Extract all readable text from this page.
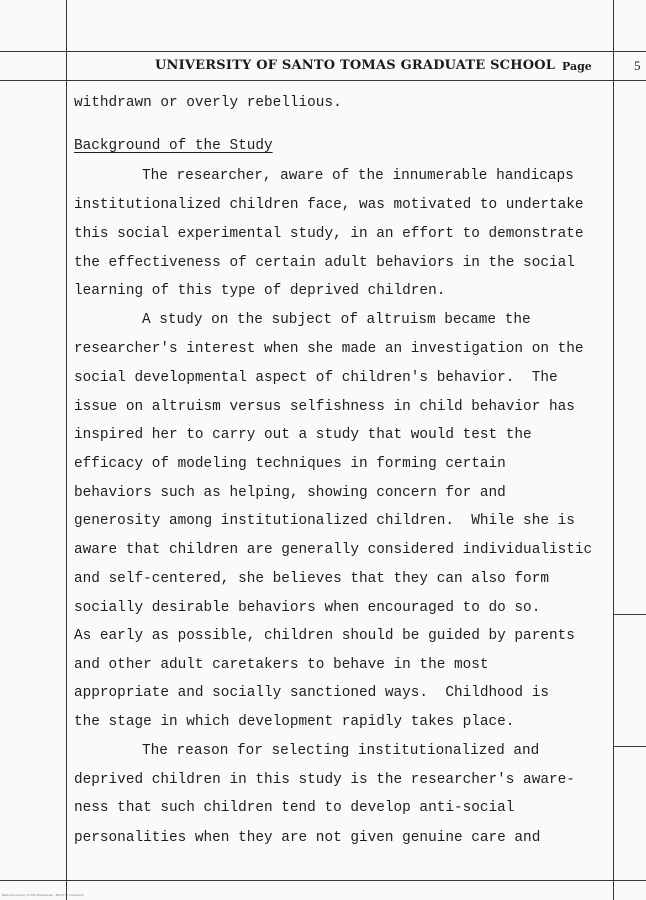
UNIVERSITY OF SANTO TOMAS GRADUATE SCHOOL Page	5
withdrawn or overly rebellious.
Background of the Study
The researcher, aware of the innumerable handicaps
institutionalized children face, was motivated to undertake
this social experimental study, in an effort to demonstrate
the effectiveness of certain adult behaviors in the social
learning of this type of deprived children.
A study on the subject of altruism became the
researcher's interest when she made an investigation on the
social developmental aspect of children's behavior.  The
issue on altruism versus selfishness in child behavior has
inspired her to carry out a study that would test the
efficacy of modeling techniques in forming certain
behaviors such as helping, showing concern for and
generosity among institutionalized children.  While she is
aware that children are generally considered individualistic
and self-centered, she believes that they can also form
socially desirable behaviors when encouraged to do so.
As early as possible, children should be guided by parents
and other adult caretakers to behave in the most
appropriate and socially sanctioned ways.  Childhood is
the stage in which development rapidly takes place.
The reason for selecting institutionalized and
deprived children in this study is the researcher's aware-
ness that such children tend to develop anti-social
personalities when they are not given genuine care and
National Library of the Philippines · NLP-ETD Collection
